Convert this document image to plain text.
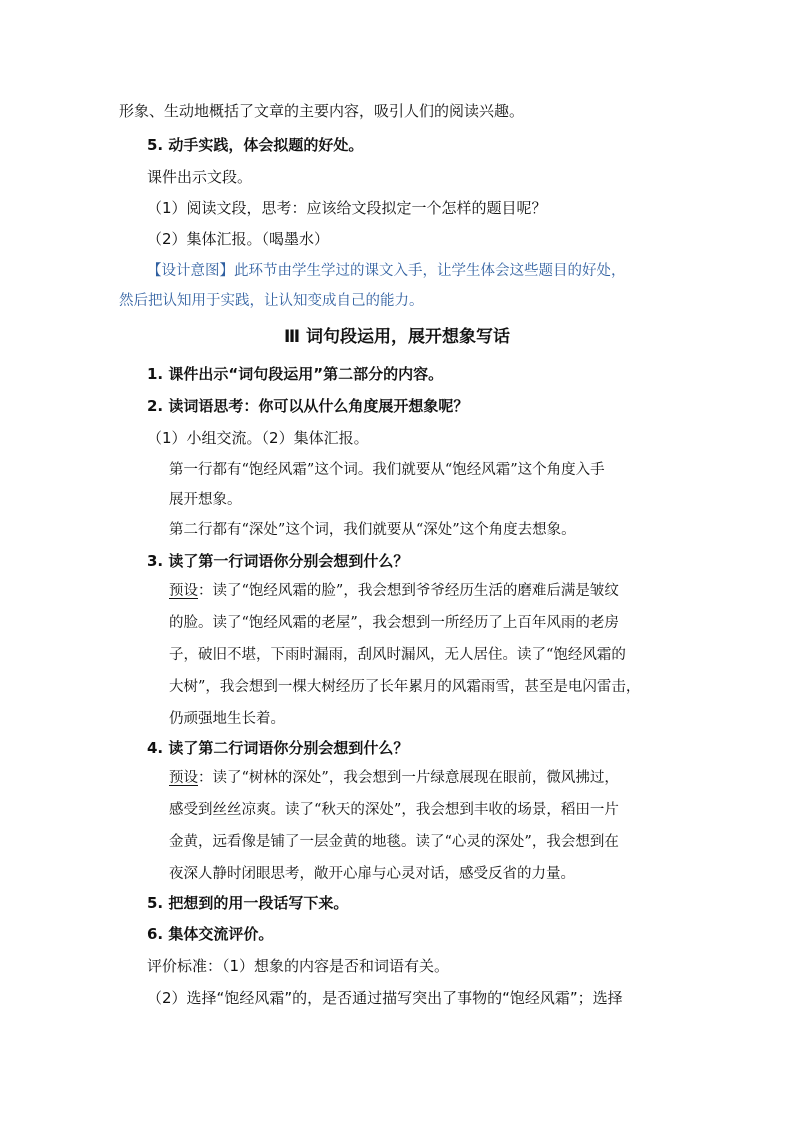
形象、生动地概括了文章的主要内容，吸引人们的阅读兴趣。
5. 动手实践，体会拟题的好处。
课件出示文段。
（1）阅读文段，思考：应该给文段拟定一个怎样的题目呢？
（2）集体汇报。（喝墨水）
【设计意图】此环节由学生学过的课文入手，让学生体会这些题目的好处，
然后把认知用于实践，让认知变成自己的能力。
Ⅲ 词句段运用，展开想象写话
1. 课件出示“词句段运用”第二部分的内容。
2. 读词语思考：你可以从什么角度展开想象呢？
（1）小组交流。（2）集体汇报。
第一行都有“饱经风霜”这个词。我们就要从“饱经风霜”这个角度入手
展开想象。
第二行都有“深处”这个词，我们就要从“深处”这个角度去想象。
3. 读了第一行词语你分别会想到什么？
预设：读了“饱经风霜的脸”，我会想到爷爷经历生活的磨难后满是皱纹
的脸。读了“饱经风霜的老屋”，我会想到一所经历了上百年风雨的老房
子，破旧不堪，下雨时漏雨，刮风时漏风，无人居住。读了“饱经风霜的
大树”，我会想到一棵大树经历了长年累月的风霜雨雪，甚至是电闪雷击，
仍顽强地生长着。
4. 读了第二行词语你分别会想到什么？
预设：读了“树林的深处”，我会想到一片绿意展现在眼前，微风拂过，
感受到丝丝凉爽。读了“秋天的深处”，我会想到丰收的场景，稻田一片
金黄，远看像是铺了一层金黄的地毯。读了“心灵的深处”，我会想到在
夜深人静时闭眼思考，敞开心扉与心灵对话，感受反省的力量。
5. 把想到的用一段话写下来。
6. 集体交流评价。
评价标准：（1）想象的内容是否和词语有关。
（2）选择“饱经风霜”的，是否通过描写突出了事物的“饱经风霜”；选择
